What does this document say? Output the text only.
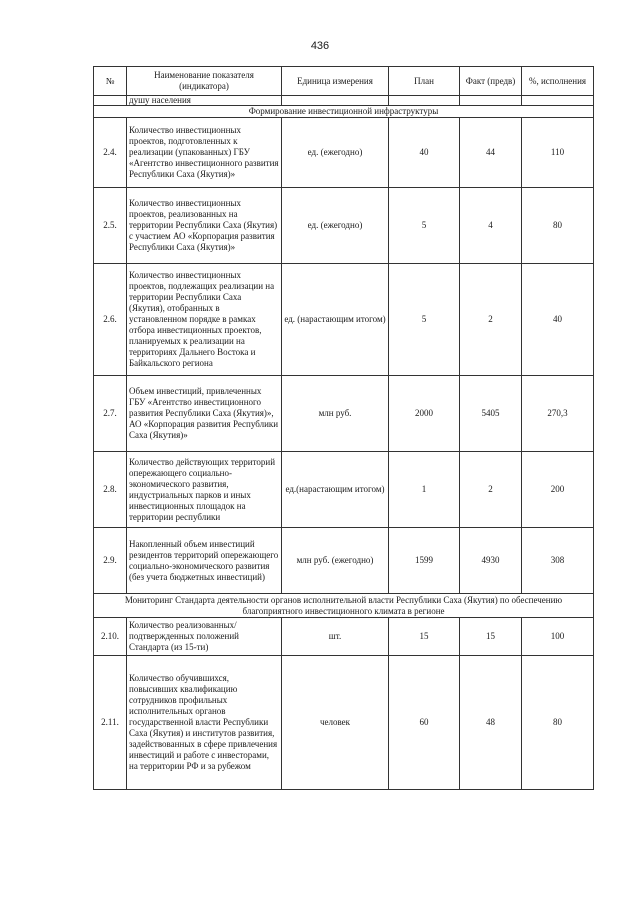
436
№	Наименование показателя (индикатора)	Единица измерения	План	Факт (предв)	%, исполнения
	душу населения				
Формирование инвестиционной инфраструктуры					
2.4.	Количество инвестиционных проектов, подготовленных к реализации (упакованных) ГБУ «Агентство инвестиционного развития Республики Саха (Якутия)»	ед. (ежегодно)	40	44	110
2.5.	Количество инвестиционных проектов, реализованных на территории Республики Саха (Якутия) с участием АО «Корпорация развития Республики Саха (Якутия)»	ед. (ежегодно)	5	4	80
2.6.	Количество инвестиционных проектов, подлежащих реализации на территории Республики Саха (Якутия), отобранных в установленном порядке в рамках отбора инвестиционных проектов, планируемых к реализации на территориях Дальнего Востока и Байкальского региона	ед. (нарастающим итогом)	5	2	40
2.7.	Объем инвестиций, привлеченных ГБУ «Агентство инвестиционного развития Республики Саха (Якутия)», АО «Корпорация развития Республики Саха (Якутия)»	млн руб.	2000	5405	270,3
2.8.	Количество действующих территорий опережающего социально-экономического развития, индустриальных парков и иных инвестиционных площадок на территории республики	ед.(нарастающим итогом)	1	2	200
2.9.	Накопленный объем инвестиций резидентов территорий опережающего социально-экономического развития (без учета бюджетных инвестиций)	млн руб. (ежегодно)	1599	4930	308
Мониторинг Стандарта деятельности органов исполнительной власти Республики Саха (Якутия) по обеспечению благоприятного инвестиционного климата в регионе					
2.10.	Количество реализованных/подтвержденных положений Стандарта (из 15-ти)	шт.	15	15	100
2.11.	Количество обучившихся, повысивших квалификацию сотрудников профильных исполнительных органов государственной власти Республики Саха (Якутия) и институтов развития, задействованных в сфере привлечения инвестиций и работе с инвесторами, на территории РФ и за рубежом	человек	60	48	80
